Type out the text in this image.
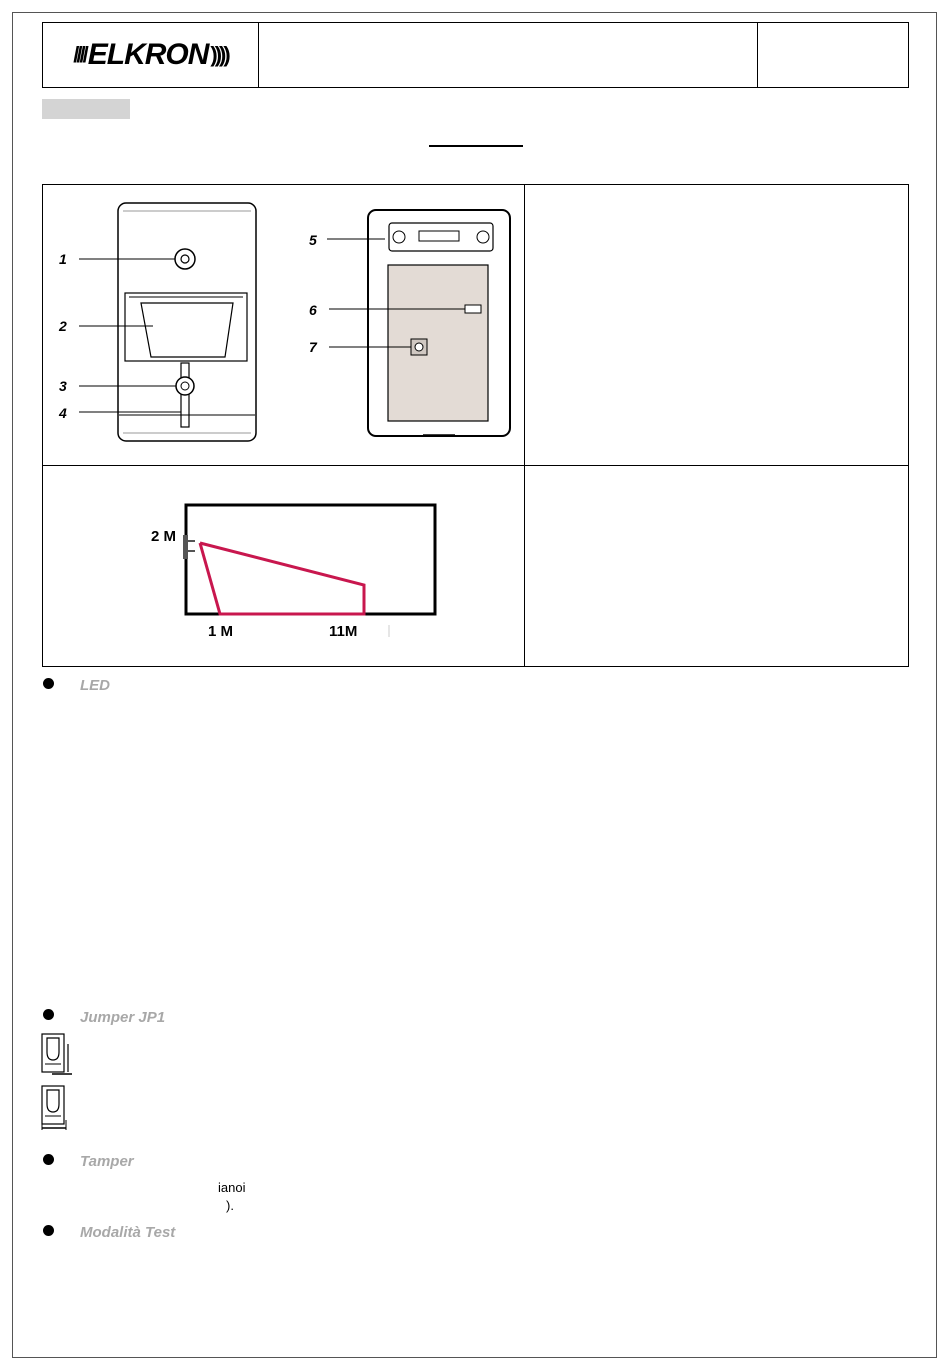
//// ELKRON ))))
1
2
3
4
5
6
7
2 M
1 M	11M
LED
Jumper JP1
Tamper
ianoi
).
Modalità Test
